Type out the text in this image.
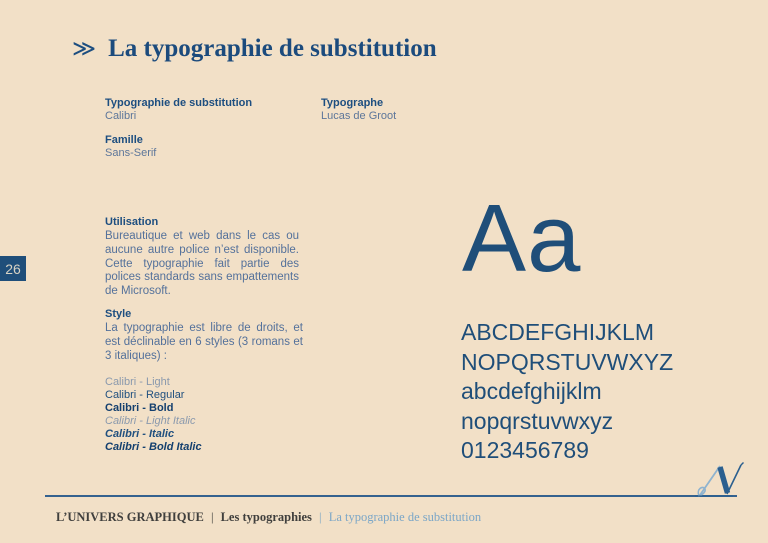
≫ La typographie de substitution
26
Typographie de substitution
Calibri
Famille
Sans-Serif
Typographe
Lucas de Groot
Utilisation
Bureautique et web dans le cas ou aucune autre police n’est disponible. Cette typographie fait partie des polices standards sans empattements de Microsoft.
Style
La typographie est libre de droits, et est déclinable en 6 styles (3 romans et 3 italiques) :
Calibri - Light
Calibri - Regular
Calibri - Bold
Calibri - Light Italic
Calibri - Italic
Calibri - Bold Italic
Aa
ABCDEFGHIJKLM
NOPQRSTUVWXYZ
abcdefghijklm
nopqrstuvwxyz
0123456789
L’UNIVERS GRAPHIQUE | Les typographies | La typographie de substitution
